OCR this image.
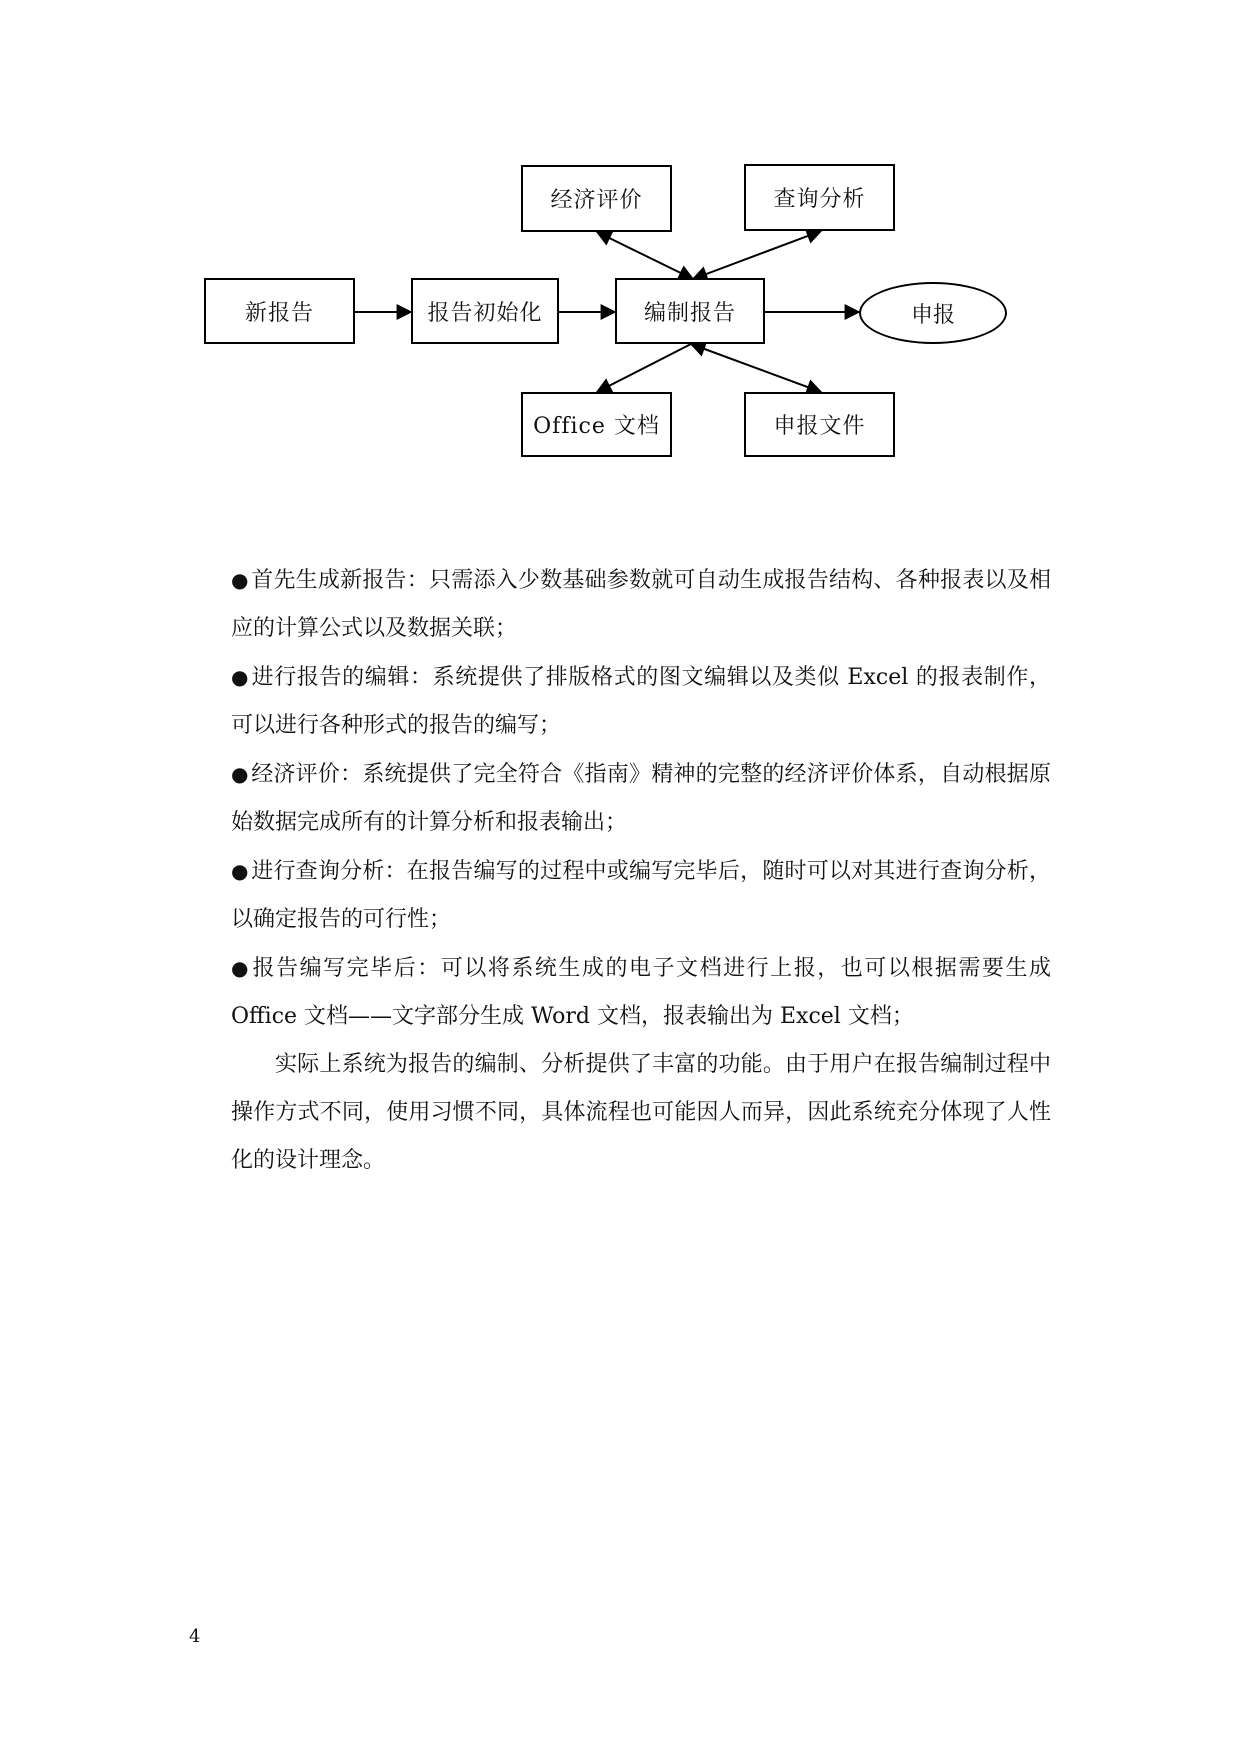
新报告	报告初始化	编制报告	申报
经济评价	查询分析
Office 文档	申报文件

● 首先生成新报告：只需添入少数基础参数就可自动生成报告结构、各种报表以及相应的计算公式以及数据关联；

● 进行报告的编辑：系统提供了排版格式的图文编辑以及类似 Excel 的报表制作，可以进行各种形式的报告的编写；

● 经济评价：系统提供了完全符合《指南》精神的完整的经济评价体系，自动根据原始数据完成所有的计算分析和报表输出；

● 进行查询分析：在报告编写的过程中或编写完毕后，随时可以对其进行查询分析，以确定报告的可行性；

● 报告编写完毕后：可以将系统生成的电子文档进行上报，也可以根据需要生成 Office 文档——文字部分生成 Word 文档，报表输出为 Excel 文档；

实际上系统为报告的编制、分析提供了丰富的功能。由于用户在报告编制过程中操作方式不同，使用习惯不同，具体流程也可能因人而异，因此系统充分体现了人性化的设计理念。

4
